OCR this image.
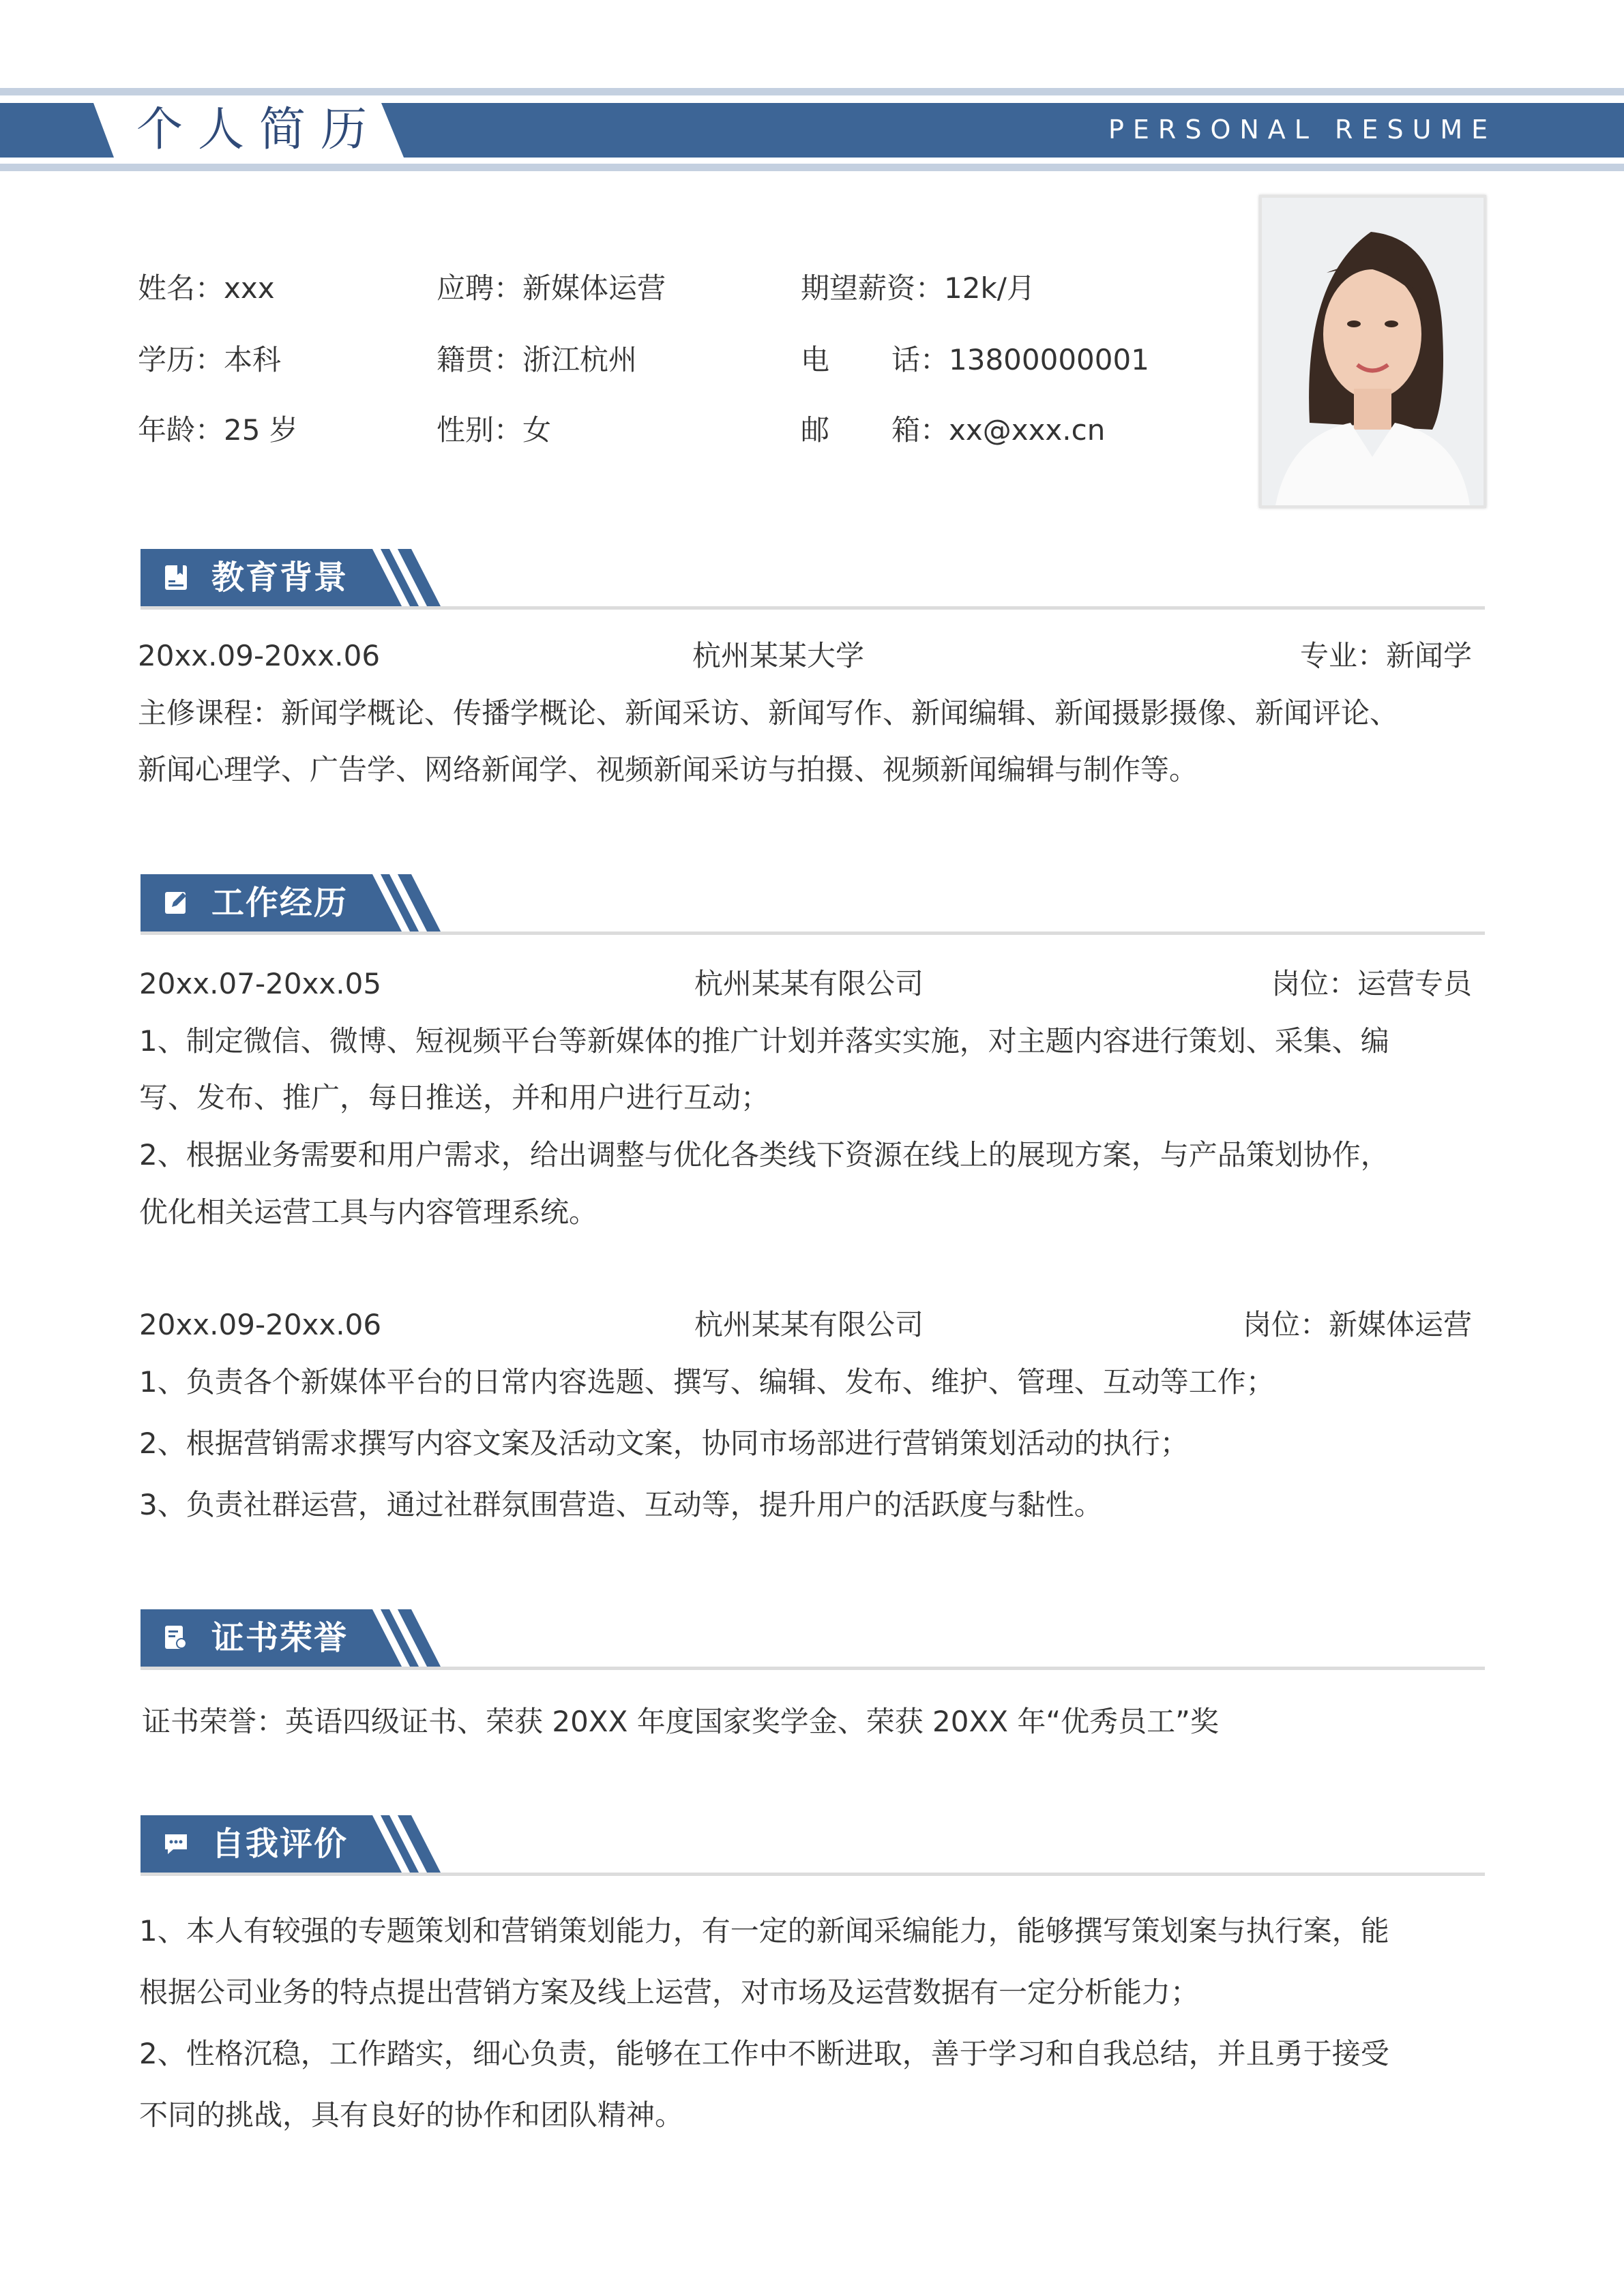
个人简历	PERSONAL RESUME
姓名：xxx	应聘：新媒体运营	期望薪资：12k/月
学历：本科	籍贯：浙江杭州	电 话：13800000001
年龄：25 岁	性别：女	邮 箱：xx@xxx.cn
教育背景
20xx.09-20xx.06	杭州某某大学	专业：新闻学
主修课程：新闻学概论、传播学概论、新闻采访、新闻写作、新闻编辑、新闻摄影摄像、新闻评论、
新闻心理学、广告学、网络新闻学、视频新闻采访与拍摄、视频新闻编辑与制作等。
工作经历
20xx.07-20xx.05	杭州某某有限公司	岗位：运营专员
1、制定微信、微博、短视频平台等新媒体的推广计划并落实实施，对主题内容进行策划、采集、编
写、发布、推广，每日推送，并和用户进行互动；
2、根据业务需要和用户需求，给出调整与优化各类线下资源在线上的展现方案，与产品策划协作，
优化相关运营工具与内容管理系统。
20xx.09-20xx.06	杭州某某有限公司	岗位：新媒体运营
1、负责各个新媒体平台的日常内容选题、撰写、编辑、发布、维护、管理、互动等工作；
2、根据营销需求撰写内容文案及活动文案，协同市场部进行营销策划活动的执行；
3、负责社群运营，通过社群氛围营造、互动等，提升用户的活跃度与黏性。
证书荣誉
证书荣誉：英语四级证书、荣获 20XX 年度国家奖学金、荣获 20XX 年“优秀员工”奖
自我评价
1、本人有较强的专题策划和营销策划能力，有一定的新闻采编能力，能够撰写策划案与执行案，能
根据公司业务的特点提出营销方案及线上运营，对市场及运营数据有一定分析能力；
2、性格沉稳，工作踏实，细心负责，能够在工作中不断进取，善于学习和自我总结，并且勇于接受
不同的挑战，具有良好的协作和团队精神。
